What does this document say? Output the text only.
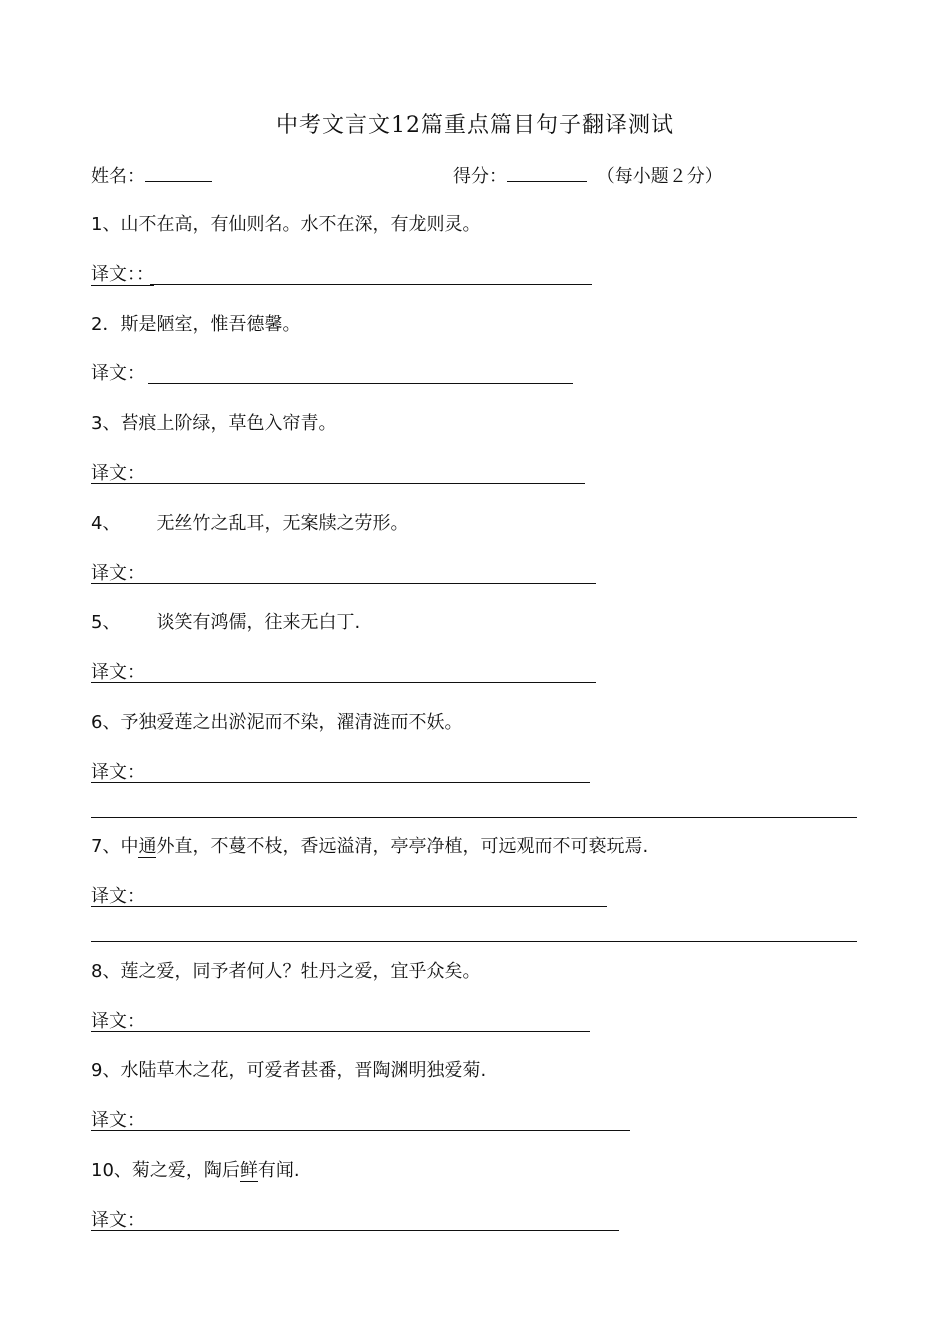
中考文言文12篇重点篇目句子翻译测试
姓名：	得分：	（每小题２分）
1、山不在高，有仙则名。水不在深，有龙则灵。
译文：：
2．斯是陋室，惟吾德馨。
译文：
3、苔痕上阶绿，草色入帘青。
译文：
4、 无丝竹之乱耳，无案牍之劳形。
译文：
5、 谈笑有鸿儒，往来无白丁.
译文：
6、予独爱莲之出淤泥而不染，濯清涟而不妖。
译文：
7、中通外直，不蔓不枝，香远溢清，亭亭净植，可远观而不可亵玩焉.
译文：
8、莲之爱，同予者何人？牡丹之爱，宜乎众矣。
译文：
9、水陆草木之花，可爱者甚番，晋陶渊明独爱菊.
译文：
10、菊之爱，陶后鲜有闻.
译文：
